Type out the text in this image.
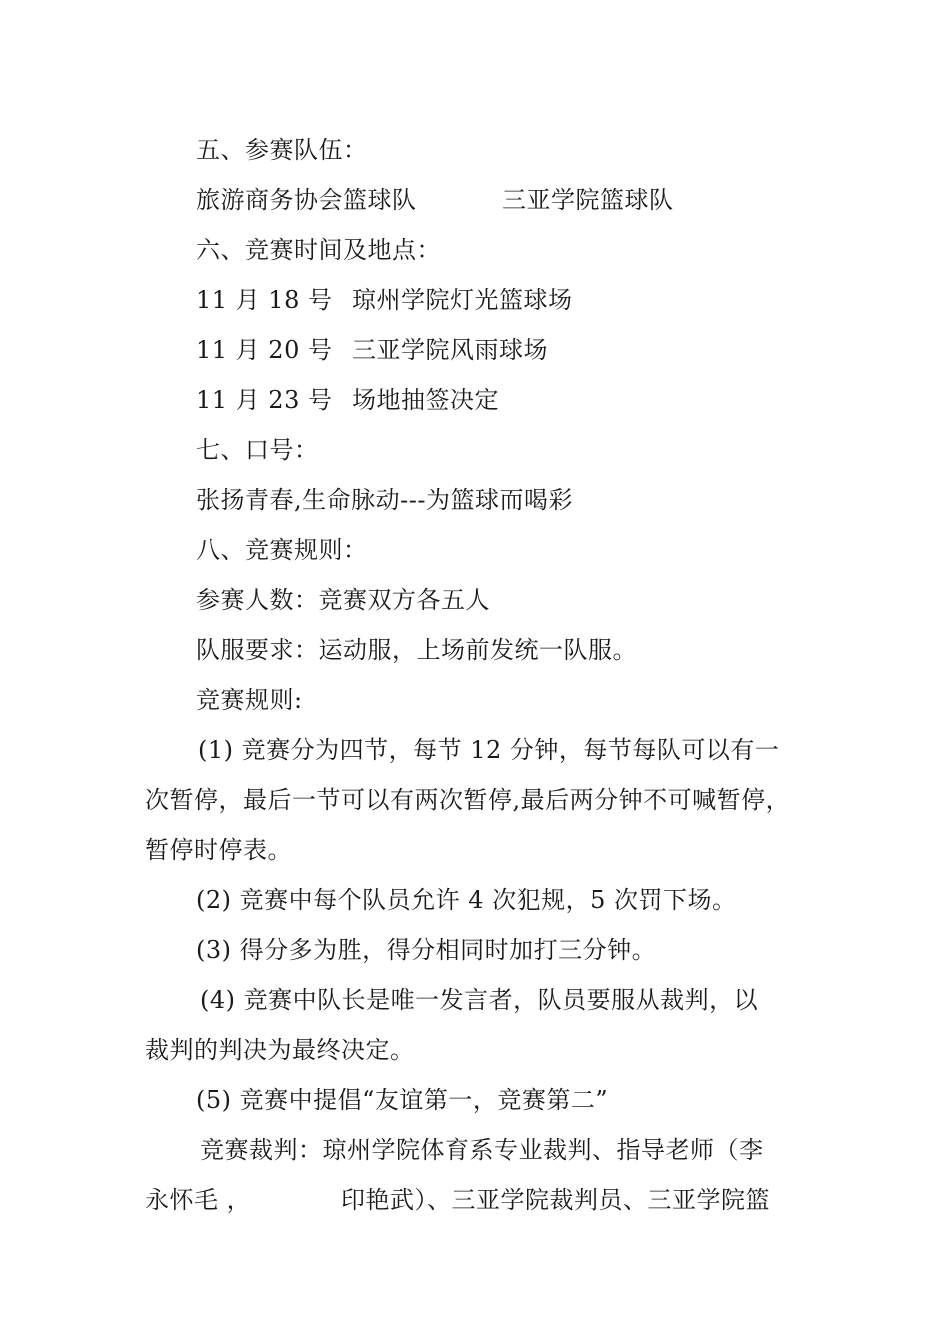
五、参赛队伍：
旅游商务协会篮球队	三亚学院篮球队
六、竞赛时间及地点：
11 月 18 号 琼州学院灯光篮球场
11 月 20 号 三亚学院风雨球场
11 月 23 号 场地抽签决定
七、口号：
张扬青春,生命脉动---为篮球而喝彩
八、竞赛规则：
参赛人数：竞赛双方各五人
队服要求：运动服，上场前发统一队服。
竞赛规则:
(1) 竞赛分为四节，每节 12 分钟，每节每队可以有一
次暂停，最后一节可以有两次暂停,最后两分钟不可喊暂停，
暂停时停表。
(2) 竞赛中每个队员允许 4 次犯规，5 次罚下场。
(3) 得分多为胜，得分相同时加打三分钟。
(4) 竞赛中队长是唯一发言者，队员要服从裁判，以
裁判的判决为最终决定。
(5) 竞赛中提倡“友谊第一，竞赛第二”
竞赛裁判：琼州学院体育系专业裁判、指导老师（李
永怀毛 ，	印艳武）、三亚学院裁判员、三亚学院篮
